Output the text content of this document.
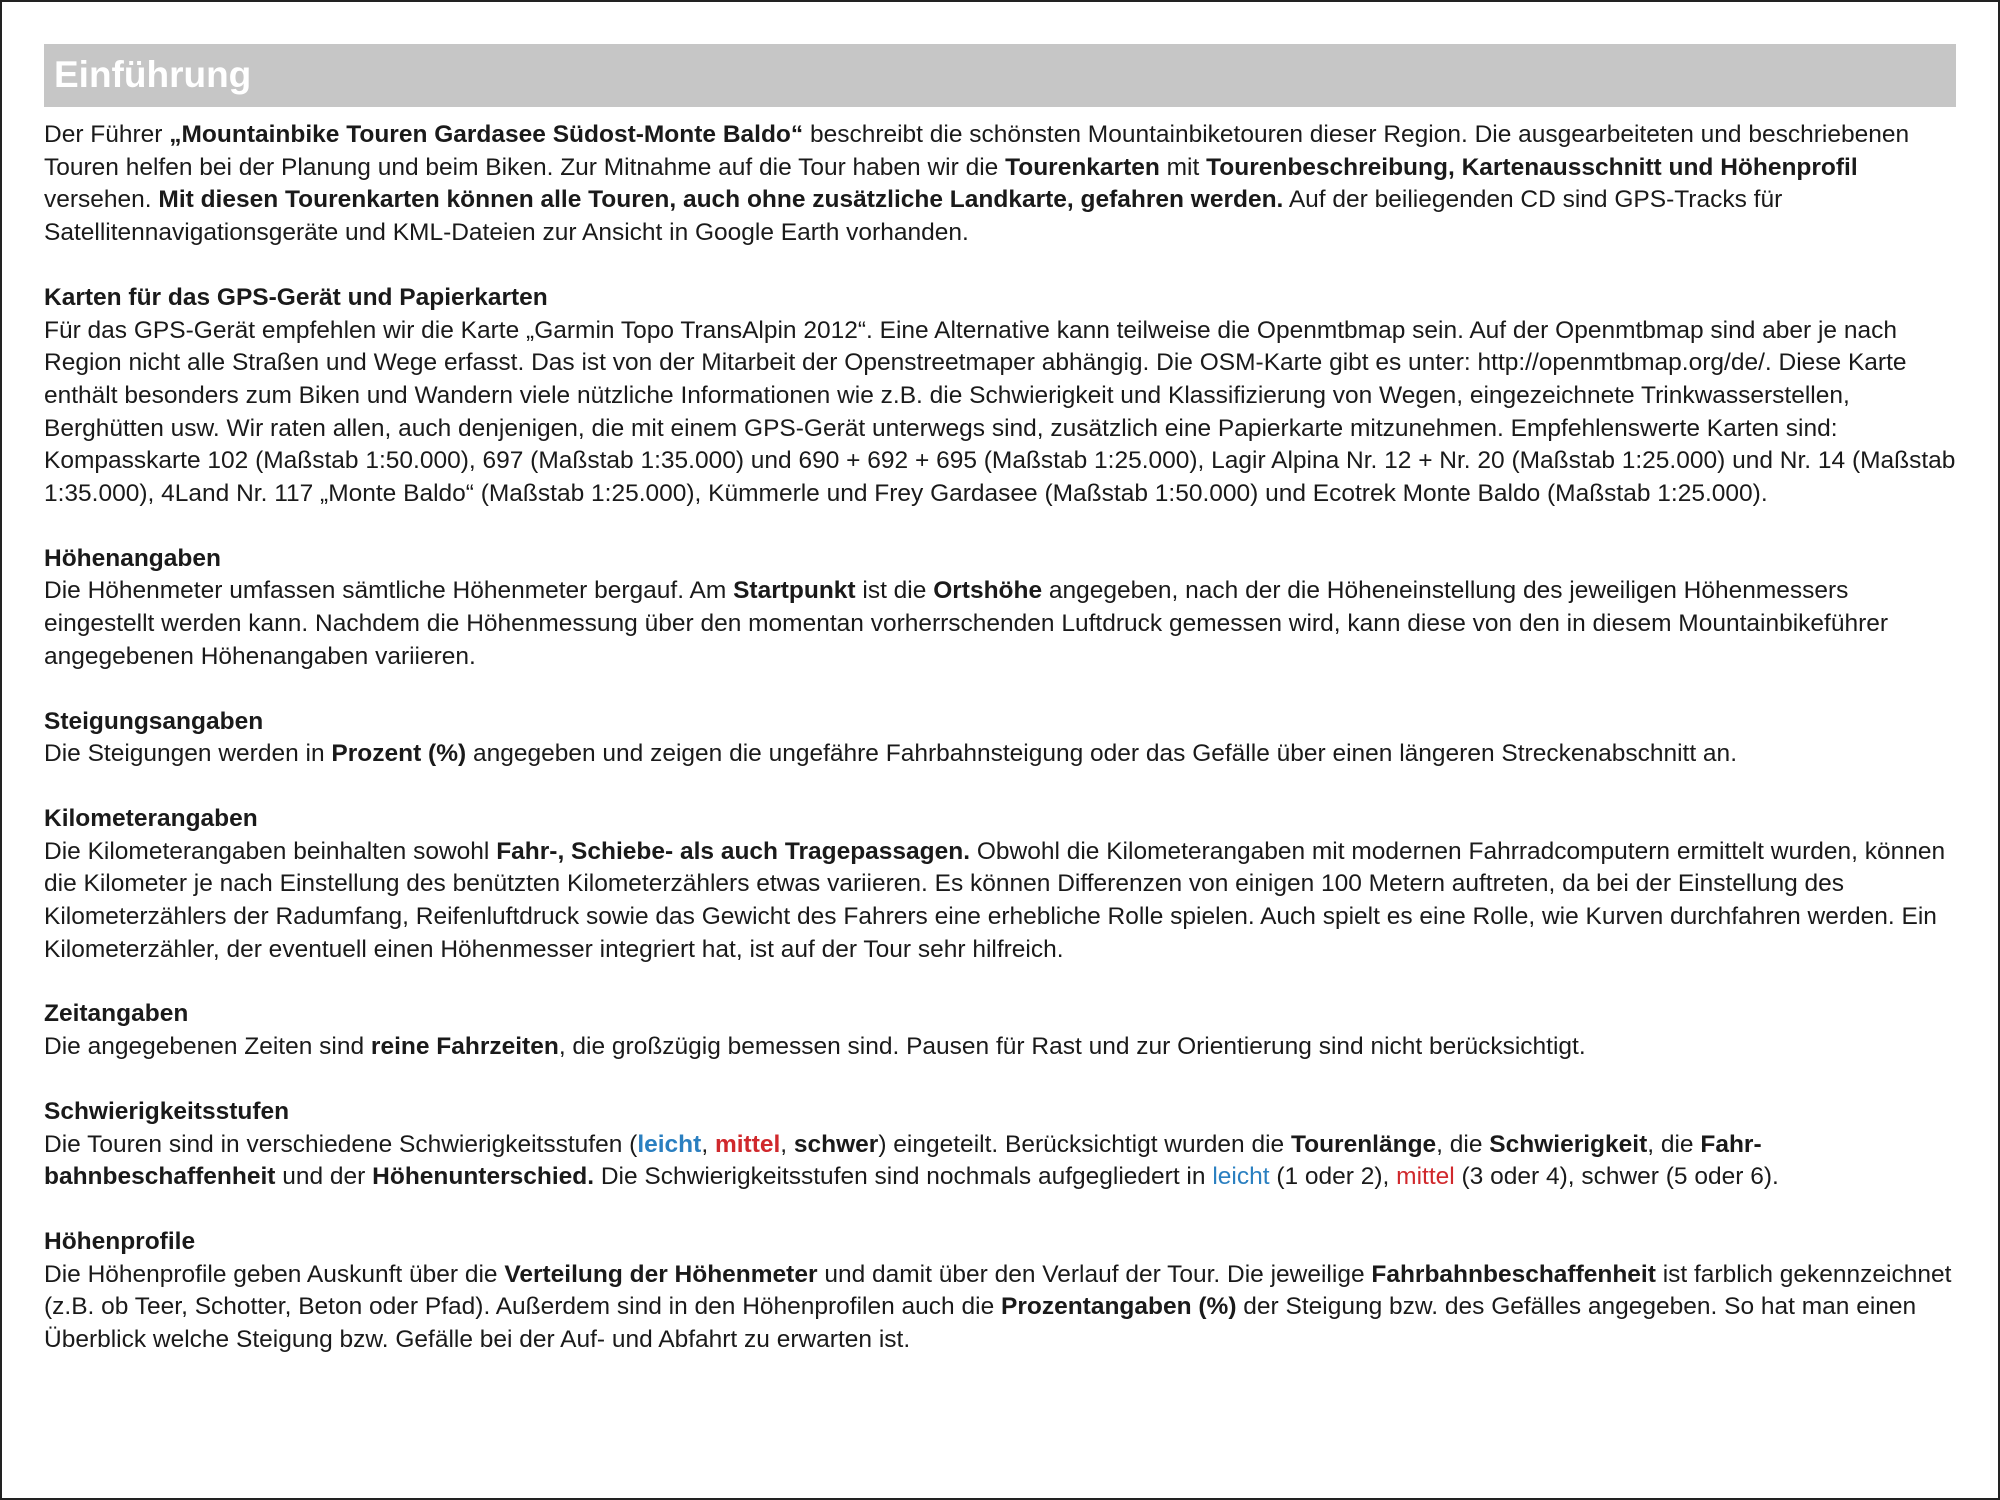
Einführung

Der Führer „Mountainbike Touren Gardasee Südost-Monte Baldo“ beschreibt die schönsten Mountainbiketouren dieser Region. Die ausgearbeiteten und beschriebenen Touren helfen bei der Planung und beim Biken. Zur Mitnahme auf die Tour haben wir die Tourenkarten mit Tourenbeschreibung, Kartenausschnitt und Höhenprofil versehen. Mit diesen Tourenkarten können alle Touren, auch ohne zusätzliche Landkarte, gefahren werden. Auf der beiliegenden CD sind GPS-Tracks für Satellitennavigationsgeräte und KML-Dateien zur Ansicht in Google Earth vorhanden.

Karten für das GPS-Gerät und Papierkarten

Für das GPS-Gerät empfehlen wir die Karte „Garmin Topo TransAlpin 2012“. Eine Alternative kann teilweise die Openmtbmap sein. Auf der Openmtbmap sind aber je nach Region nicht alle Straßen und Wege erfasst. Das ist von der Mitarbeit der Openstreetmaper abhängig. Die OSM-Karte gibt es unter: http://openmtbmap.org/de/. Diese Karte enthält besonders zum Biken und Wandern viele nützliche Informationen wie z.B. die Schwierigkeit und Klassifizierung von Wegen, eingezeichnete Trinkwasserstellen, Berghütten usw. Wir raten allen, auch denjenigen, die mit einem GPS-Gerät unterwegs sind, zusätzlich eine Papierkarte mitzunehmen. Empfehlenswerte Karten sind: Kompasskarte 102 (Maßstab 1:50.000), 697 (Maßstab 1:35.000) und 690 + 692 + 695 (Maßstab 1:25.000), Lagir Alpina Nr. 12 + Nr. 20 (Maßstab 1:25.000) und Nr. 14 (Maßstab 1:35.000), 4Land Nr. 117 „Monte Baldo“ (Maßstab 1:25.000), Kümmerle und Frey Gardasee (Maßstab 1:50.000) und Ecotrek Monte Baldo (Maßstab 1:25.000).

Höhenangaben

Die Höhenmeter umfassen sämtliche Höhenmeter bergauf. Am Startpunkt ist die Ortshöhe angegeben, nach der die Höheneinstellung des jeweiligen Höhenmessers eingestellt werden kann. Nachdem die Höhenmessung über den momentan vorherrschenden Luftdruck gemessen wird, kann diese von den in diesem Mountainbikeführer angegebenen Höhenangaben variieren.

Steigungsangaben

Die Steigungen werden in Prozent (%) angegeben und zeigen die ungefähre Fahrbahnsteigung oder das Gefälle über einen längeren Streckenabschnitt an.

Kilometerangaben

Die Kilometerangaben beinhalten sowohl Fahr-, Schiebe- als auch Tragepassagen. Obwohl die Kilometerangaben mit modernen Fahrradcomputern ermittelt wurden, können die Kilometer je nach Einstellung des benützten Kilometerzählers etwas variieren. Es können Differenzen von einigen 100 Metern auftreten, da bei der Einstellung des Kilometerzählers der Radumfang, Reifenluftdruck sowie das Gewicht des Fahrers eine erhebliche Rolle spielen. Auch spielt es eine Rolle, wie Kurven durchfahren werden. Ein Kilometerzähler, der eventuell einen Höhenmesser integriert hat, ist auf der Tour sehr hilfreich.

Zeitangaben

Die angegebenen Zeiten sind reine Fahrzeiten, die großzügig bemessen sind. Pausen für Rast und zur Orientierung sind nicht berücksichtigt.

Schwierigkeitsstufen

Die Touren sind in verschiedene Schwierigkeitsstufen (leicht, mittel, schwer) eingeteilt. Berücksichtigt wurden die Tourenlänge, die Schwierigkeit, die Fahrbahnbeschaffenheit und der Höhenunterschied. Die Schwierigkeitsstufen sind nochmals aufgegliedert in leicht (1 oder 2), mittel (3 oder 4), schwer (5 oder 6).

Höhenprofile

Die Höhenprofile geben Auskunft über die Verteilung der Höhenmeter und damit über den Verlauf der Tour. Die jeweilige Fahrbahnbeschaffenheit ist farblich gekennzeichnet (z.B. ob Teer, Schotter, Beton oder Pfad). Außerdem sind in den Höhenprofilen auch die Prozentangaben (%) der Steigung bzw. des Gefälles angegeben. So hat man einen Überblick welche Steigung bzw. Gefälle bei der Auf- und Abfahrt zu erwarten ist.
